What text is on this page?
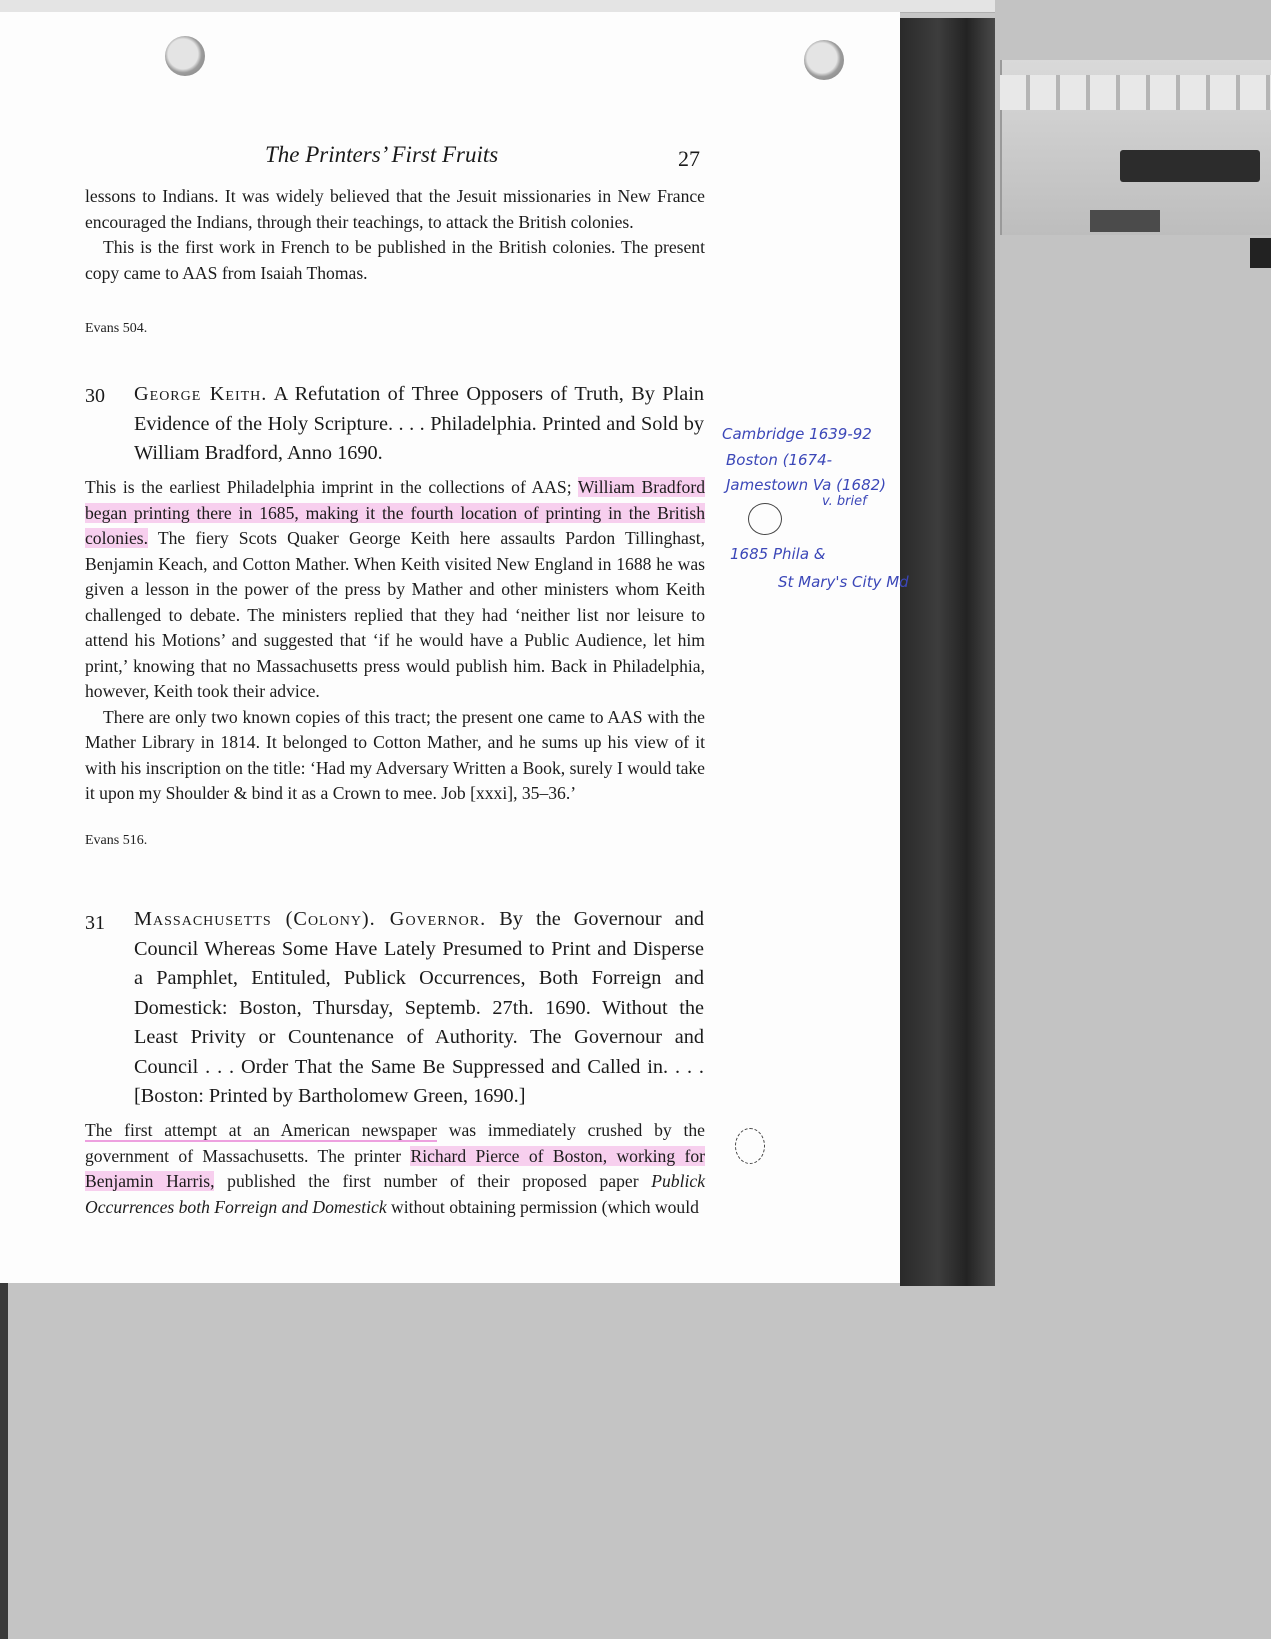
The Printers’ First Fruits	27
lessons to Indians. It was widely believed that the Jesuit missionaries in New France encouraged the Indians, through their teachings, to attack the British colonies.
This is the first work in French to be published in the British colonies. The present copy came to AAS from Isaiah Thomas.
Evans 504.
30 George Keith. A Refutation of Three Opposers of Truth, By Plain Evidence of the Holy Scripture. . . . Philadelphia. Printed and Sold by William Bradford, Anno 1690.
This is the earliest Philadelphia imprint in the collections of AAS; William Bradford began printing there in 1685, making it the fourth location of printing in the British colonies. The fiery Scots Quaker George Keith here assaults Pardon Tillinghast, Benjamin Keach, and Cotton Mather. When Keith visited New England in 1688 he was given a lesson in the power of the press by Mather and other ministers whom Keith challenged to debate. The ministers replied that they had ‘neither list nor leisure to attend his Motions’ and suggested that ‘if he would have a Public Audience, let him print,’ knowing that no Massachusetts press would publish him. Back in Philadelphia, however, Keith took their advice.
There are only two known copies of this tract; the present one came to AAS with the Mather Library in 1814. It belonged to Cotton Mather, and he sums up his view of it with his inscription on the title: ‘Had my Adversary Written a Book, surely I would take it upon my Shoulder & bind it as a Crown to mee. Job [xxxi], 35–36.’
Evans 516.
31 Massachusetts (Colony). Governor. By the Governour and Council Whereas Some Have Lately Presumed to Print and Disperse a Pamphlet, Entituled, Publick Occurrences, Both Forreign and Domestick: Boston, Thursday, Septemb. 27th. 1690. Without the Least Privity or Countenance of Authority. The Governour and Council . . . Order That the Same Be Suppressed and Called in. . . . [Boston: Printed by Bartholomew Green, 1690.]
The first attempt at an American newspaper was immediately crushed by the government of Massachusetts. The printer Richard Pierce of Boston, working for Benjamin Harris, published the first number of their proposed paper Publick Occurrences both Forreign and Domestick without obtaining permission (which would
Cambridge 1639-92
Boston (1674-
Jamestown Va (1682)
v. brief
1685 Phila &
St Mary's City Md
